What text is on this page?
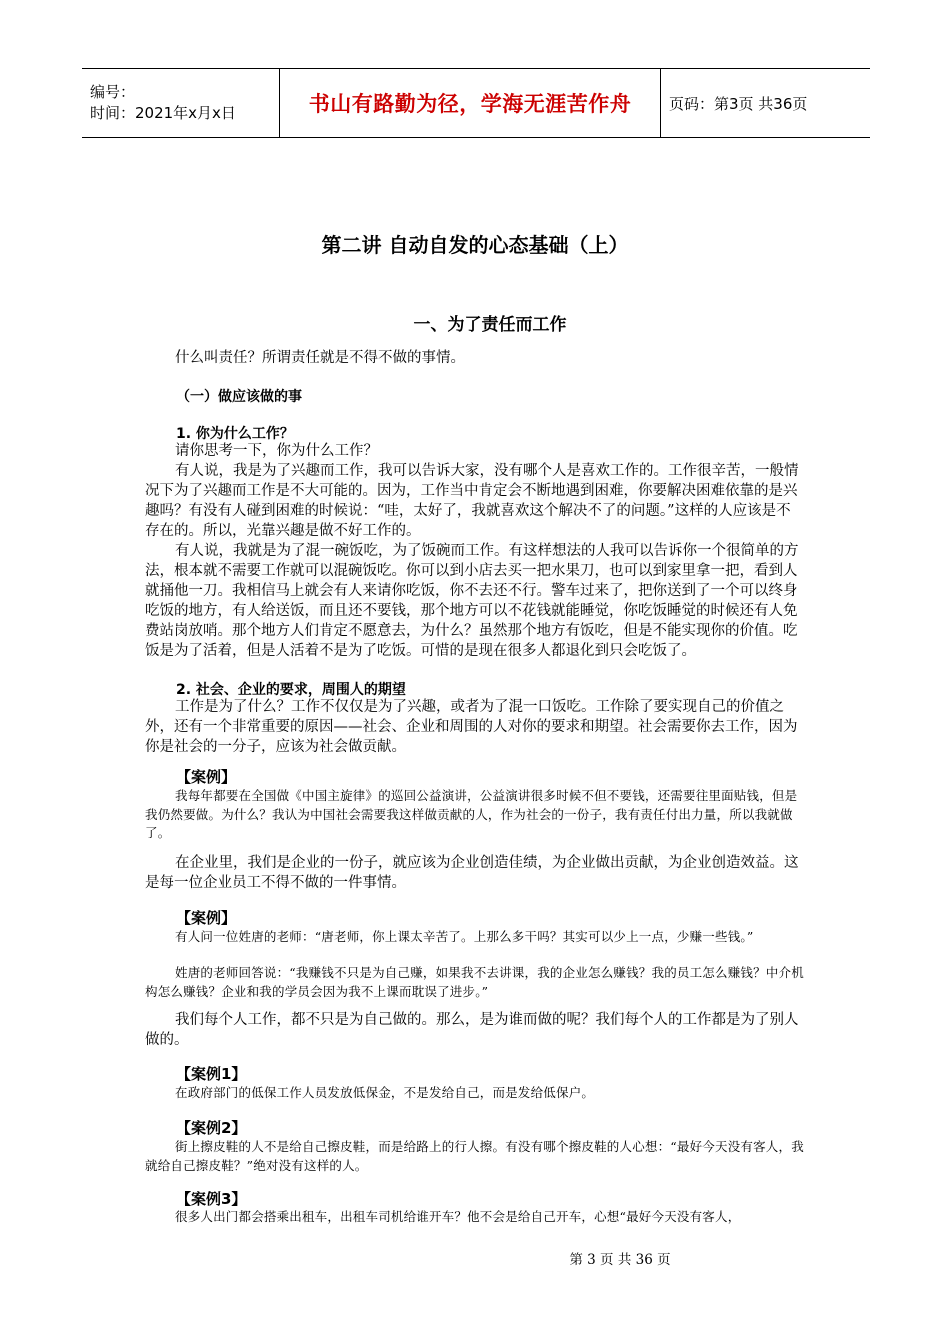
编号：
时间：2021年x月x日	书山有路勤为径，学海无涯苦作舟	页码：第3页 共36页
第二讲 自动自发的心态基础（上）
一、为了责任而工作
什么叫责任？所谓责任就是不得不做的事情。
（一）做应该做的事
1. 你为什么工作？
请你思考一下，你为什么工作？
有人说，我是为了兴趣而工作，我可以告诉大家，没有哪个人是喜欢工作的。工作很辛苦，一般情况下为了兴趣而工作是不大可能的。因为，工作当中肯定会不断地遇到困难，你要解决困难依靠的是兴趣吗？有没有人碰到困难的时候说：“哇，太好了，我就喜欢这个解决不了的问题。”这样的人应该是不存在的。所以，光靠兴趣是做不好工作的。
有人说，我就是为了混一碗饭吃，为了饭碗而工作。有这样想法的人我可以告诉你一个很简单的方法，根本就不需要工作就可以混碗饭吃。你可以到小店去买一把水果刀，也可以到家里拿一把，看到人就捅他一刀。我相信马上就会有人来请你吃饭，你不去还不行。警车过来了，把你送到了一个可以终身吃饭的地方，有人给送饭，而且还不要钱，那个地方可以不花钱就能睡觉，你吃饭睡觉的时候还有人免费站岗放哨。那个地方人们肯定不愿意去，为什么？虽然那个地方有饭吃，但是不能实现你的价值。吃饭是为了活着，但是人活着不是为了吃饭。可惜的是现在很多人都退化到只会吃饭了。
2. 社会、企业的要求，周围人的期望
工作是为了什么？工作不仅仅是为了兴趣，或者为了混一口饭吃。工作除了要实现自己的价值之外，还有一个非常重要的原因——社会、企业和周围的人对你的要求和期望。社会需要你去工作，因为你是社会的一分子，应该为社会做贡献。
【案例】
我每年都要在全国做《中国主旋律》的巡回公益演讲，公益演讲很多时候不但不要钱，还需要往里面贴钱，但是我仍然要做。为什么？我认为中国社会需要我这样做贡献的人，作为社会的一份子，我有责任付出力量，所以我就做了。
在企业里，我们是企业的一份子，就应该为企业创造佳绩，为企业做出贡献，为企业创造效益。这是每一位企业员工不得不做的一件事情。
【案例】
有人问一位姓唐的老师：“唐老师，你上课太辛苦了。上那么多干吗？其实可以少上一点，少赚一些钱。”
姓唐的老师回答说：“我赚钱不只是为自己赚，如果我不去讲课，我的企业怎么赚钱？我的员工怎么赚钱？中介机构怎么赚钱？企业和我的学员会因为我不上课而耽误了进步。”
我们每个人工作，都不只是为自己做的。那么，是为谁而做的呢？我们每个人的工作都是为了别人做的。
【案例1】
在政府部门的低保工作人员发放低保金，不是发给自己，而是发给低保户。
【案例2】
街上擦皮鞋的人不是给自己擦皮鞋，而是给路上的行人擦。有没有哪个擦皮鞋的人心想：“最好今天没有客人，我就给自己擦皮鞋？”绝对没有这样的人。
【案例3】
很多人出门都会搭乘出租车，出租车司机给谁开车？他不会是给自己开车，心想“最好今天没有客人，
第 3 页 共 36 页
